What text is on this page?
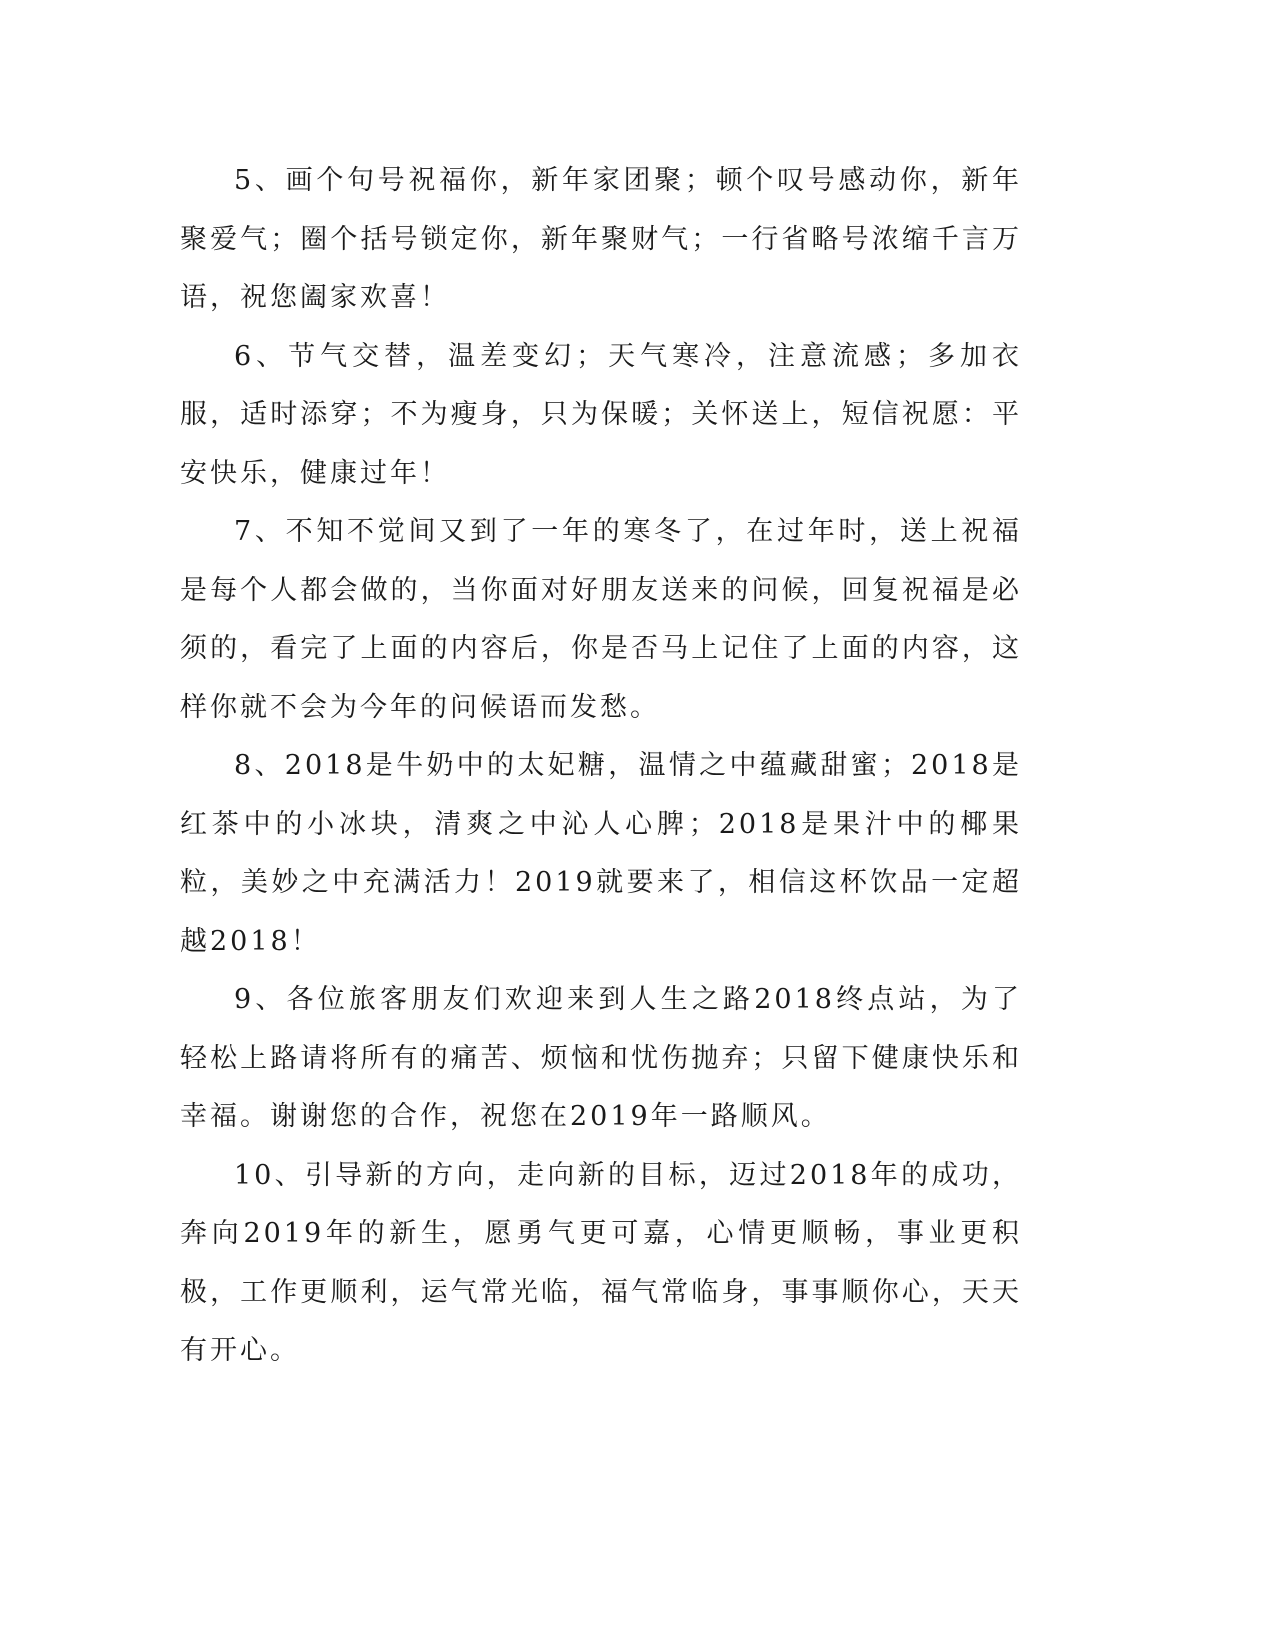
5、画个句号祝福你，新年家团聚；顿个叹号感动你，新年聚爱气；圈个括号锁定你，新年聚财气；一行省略号浓缩千言万语，祝您阖家欢喜！

6、节气交替，温差变幻；天气寒冷，注意流感；多加衣服，适时添穿；不为瘦身，只为保暖；关怀送上，短信祝愿：平安快乐，健康过年！

7、不知不觉间又到了一年的寒冬了，在过年时，送上祝福是每个人都会做的，当你面对好朋友送来的问候，回复祝福是必须的，看完了上面的内容后，你是否马上记住了上面的内容，这样你就不会为今年的问候语而发愁。

8、2018是牛奶中的太妃糖，温情之中蕴藏甜蜜；2018是红茶中的小冰块，清爽之中沁人心脾；2018是果汁中的椰果粒，美妙之中充满活力！2019就要来了，相信这杯饮品一定超越2018！

9、各位旅客朋友们欢迎来到人生之路2018终点站，为了轻松上路请将所有的痛苦、烦恼和忧伤抛弃；只留下健康快乐和幸福。谢谢您的合作，祝您在2019年一路顺风。

10、引导新的方向，走向新的目标，迈过2018年的成功，奔向2019年的新生，愿勇气更可嘉，心情更顺畅，事业更积极，工作更顺利，运气常光临，福气常临身，事事顺你心，天天有开心。
